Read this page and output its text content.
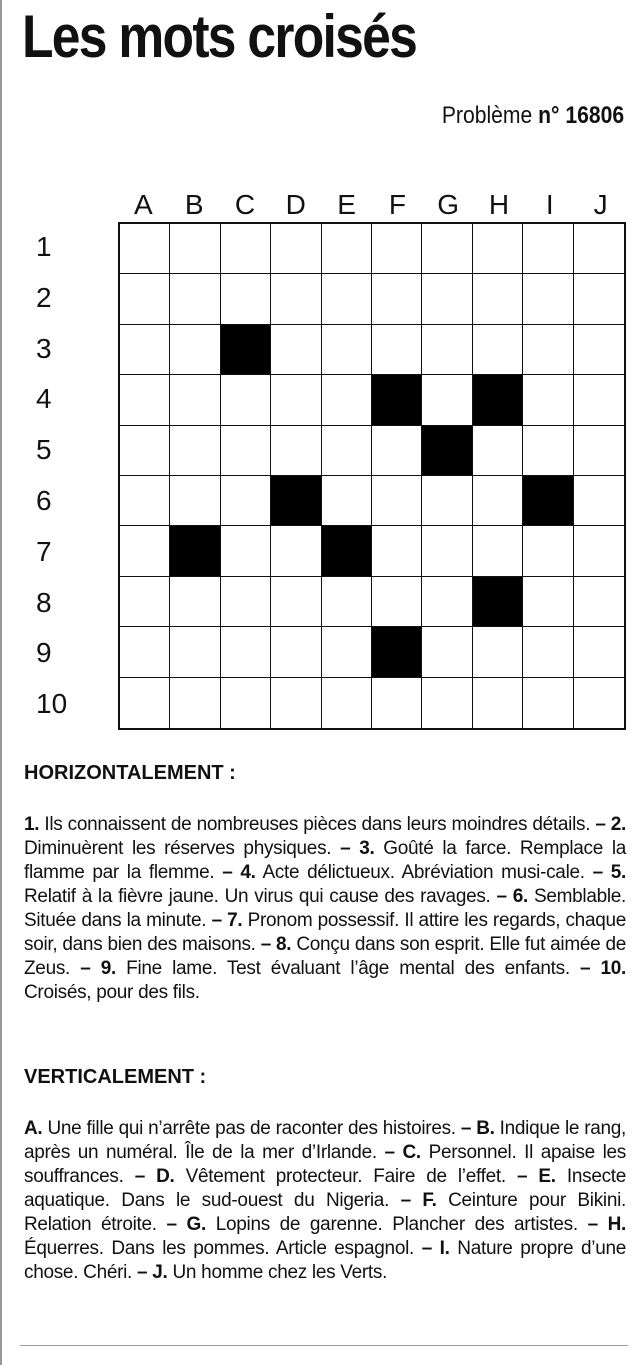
Les mots croisés
Problème n° 16806
A	B	C	D	E	F	G	H	I	J
1
2
3
4
5
6
7
8
9
10
HORIZONTALEMENT :

1. Ils connaissent de nombreuses pièces dans leurs moindres détails. – 2. Diminuèrent les réserves physiques. – 3. Goûté la farce. Remplace la flamme par la flemme. – 4. Acte délictueux. Abréviation musi-cale. – 5. Relatif à la fièvre jaune. Un virus qui cause des ravages. – 6. Semblable. Située dans la minute. – 7. Pronom possessif. Il attire les regards, chaque soir, dans bien des maisons. – 8. Conçu dans son esprit. Elle fut aimée de Zeus. – 9. Fine lame. Test évaluant l’âge mental des enfants. – 10. Croisés, pour des fils.

VERTICALEMENT :

A. Une fille qui n’arrête pas de raconter des histoires. – B. Indique le rang, après un numéral. Île de la mer d’Irlande. – C. Personnel. Il apaise les souffrances. – D. Vêtement protecteur. Faire de l’effet. – E. Insecte aquatique. Dans le sud-ouest du Nigeria. – F. Ceinture pour Bikini. Relation étroite. – G. Lopins de garenne. Plancher des artistes. – H. Équerres. Dans les pommes. Article espagnol. – I. Nature propre d’une chose. Chéri. – J. Un homme chez les Verts.
